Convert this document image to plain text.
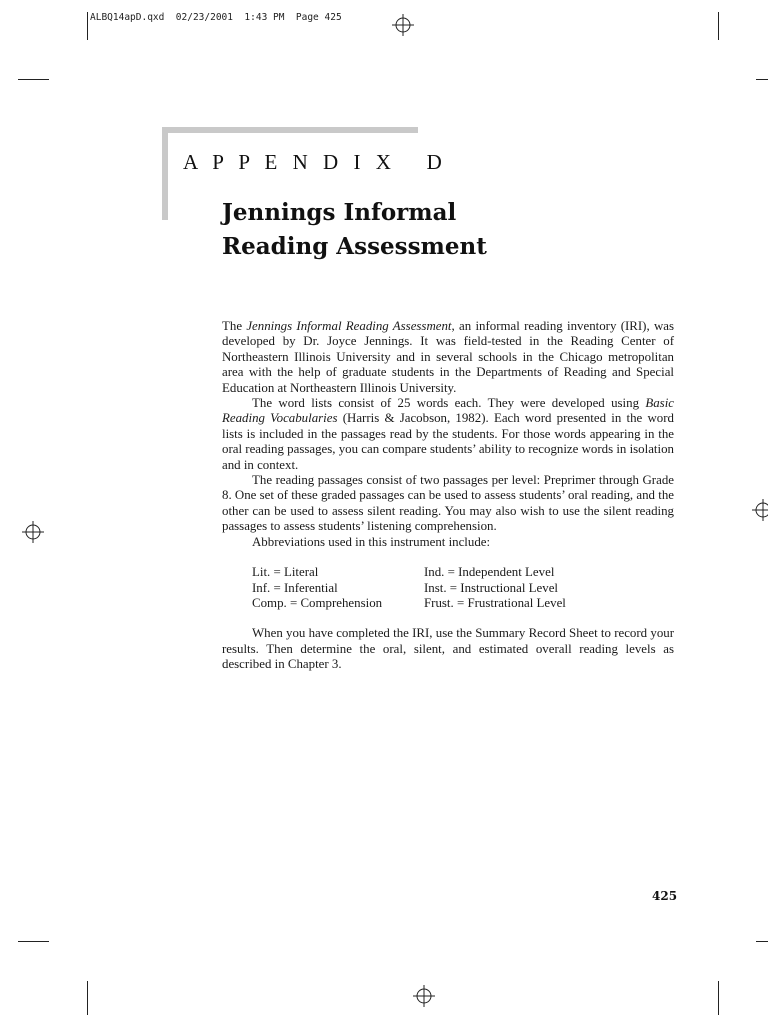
ALBQ14apD.qxd  02/23/2001  1:43 PM  Page 425
A P P E N D I X   D
Jennings Informal
Reading Assessment

The Jennings Informal Reading Assessment, an informal reading inventory (IRI), was developed by Dr. Joyce Jennings. It was field-tested in the Reading Center of Northeastern Illinois University and in several schools in the Chicago metropolitan area with the help of graduate students in the Departments of Reading and Special Education at Northeastern Illinois University.

The word lists consist of 25 words each. They were developed using Basic Reading Vocabularies (Harris & Jacobson, 1982). Each word presented in the word lists is included in the passages read by the students. For those words appearing in the oral reading passages, you can compare students’ ability to recognize words in isolation and in context.

The reading passages consist of two passages per level: Preprimer through Grade 8. One set of these graded passages can be used to assess students’ oral reading, and the other can be used to assess silent reading. You may also wish to use the silent reading passages to assess students’ listening comprehension.

Abbreviations used in this instrument include:

Lit. = Literal	Ind. = Independent Level
Inf. = Inferential	Inst. = Instructional Level
Comp. = Comprehension	Frust. = Frustrational Level

When you have completed the IRI, use the Summary Record Sheet to record your results. Then determine the oral, silent, and estimated overall reading levels as described in Chapter 3.

425
